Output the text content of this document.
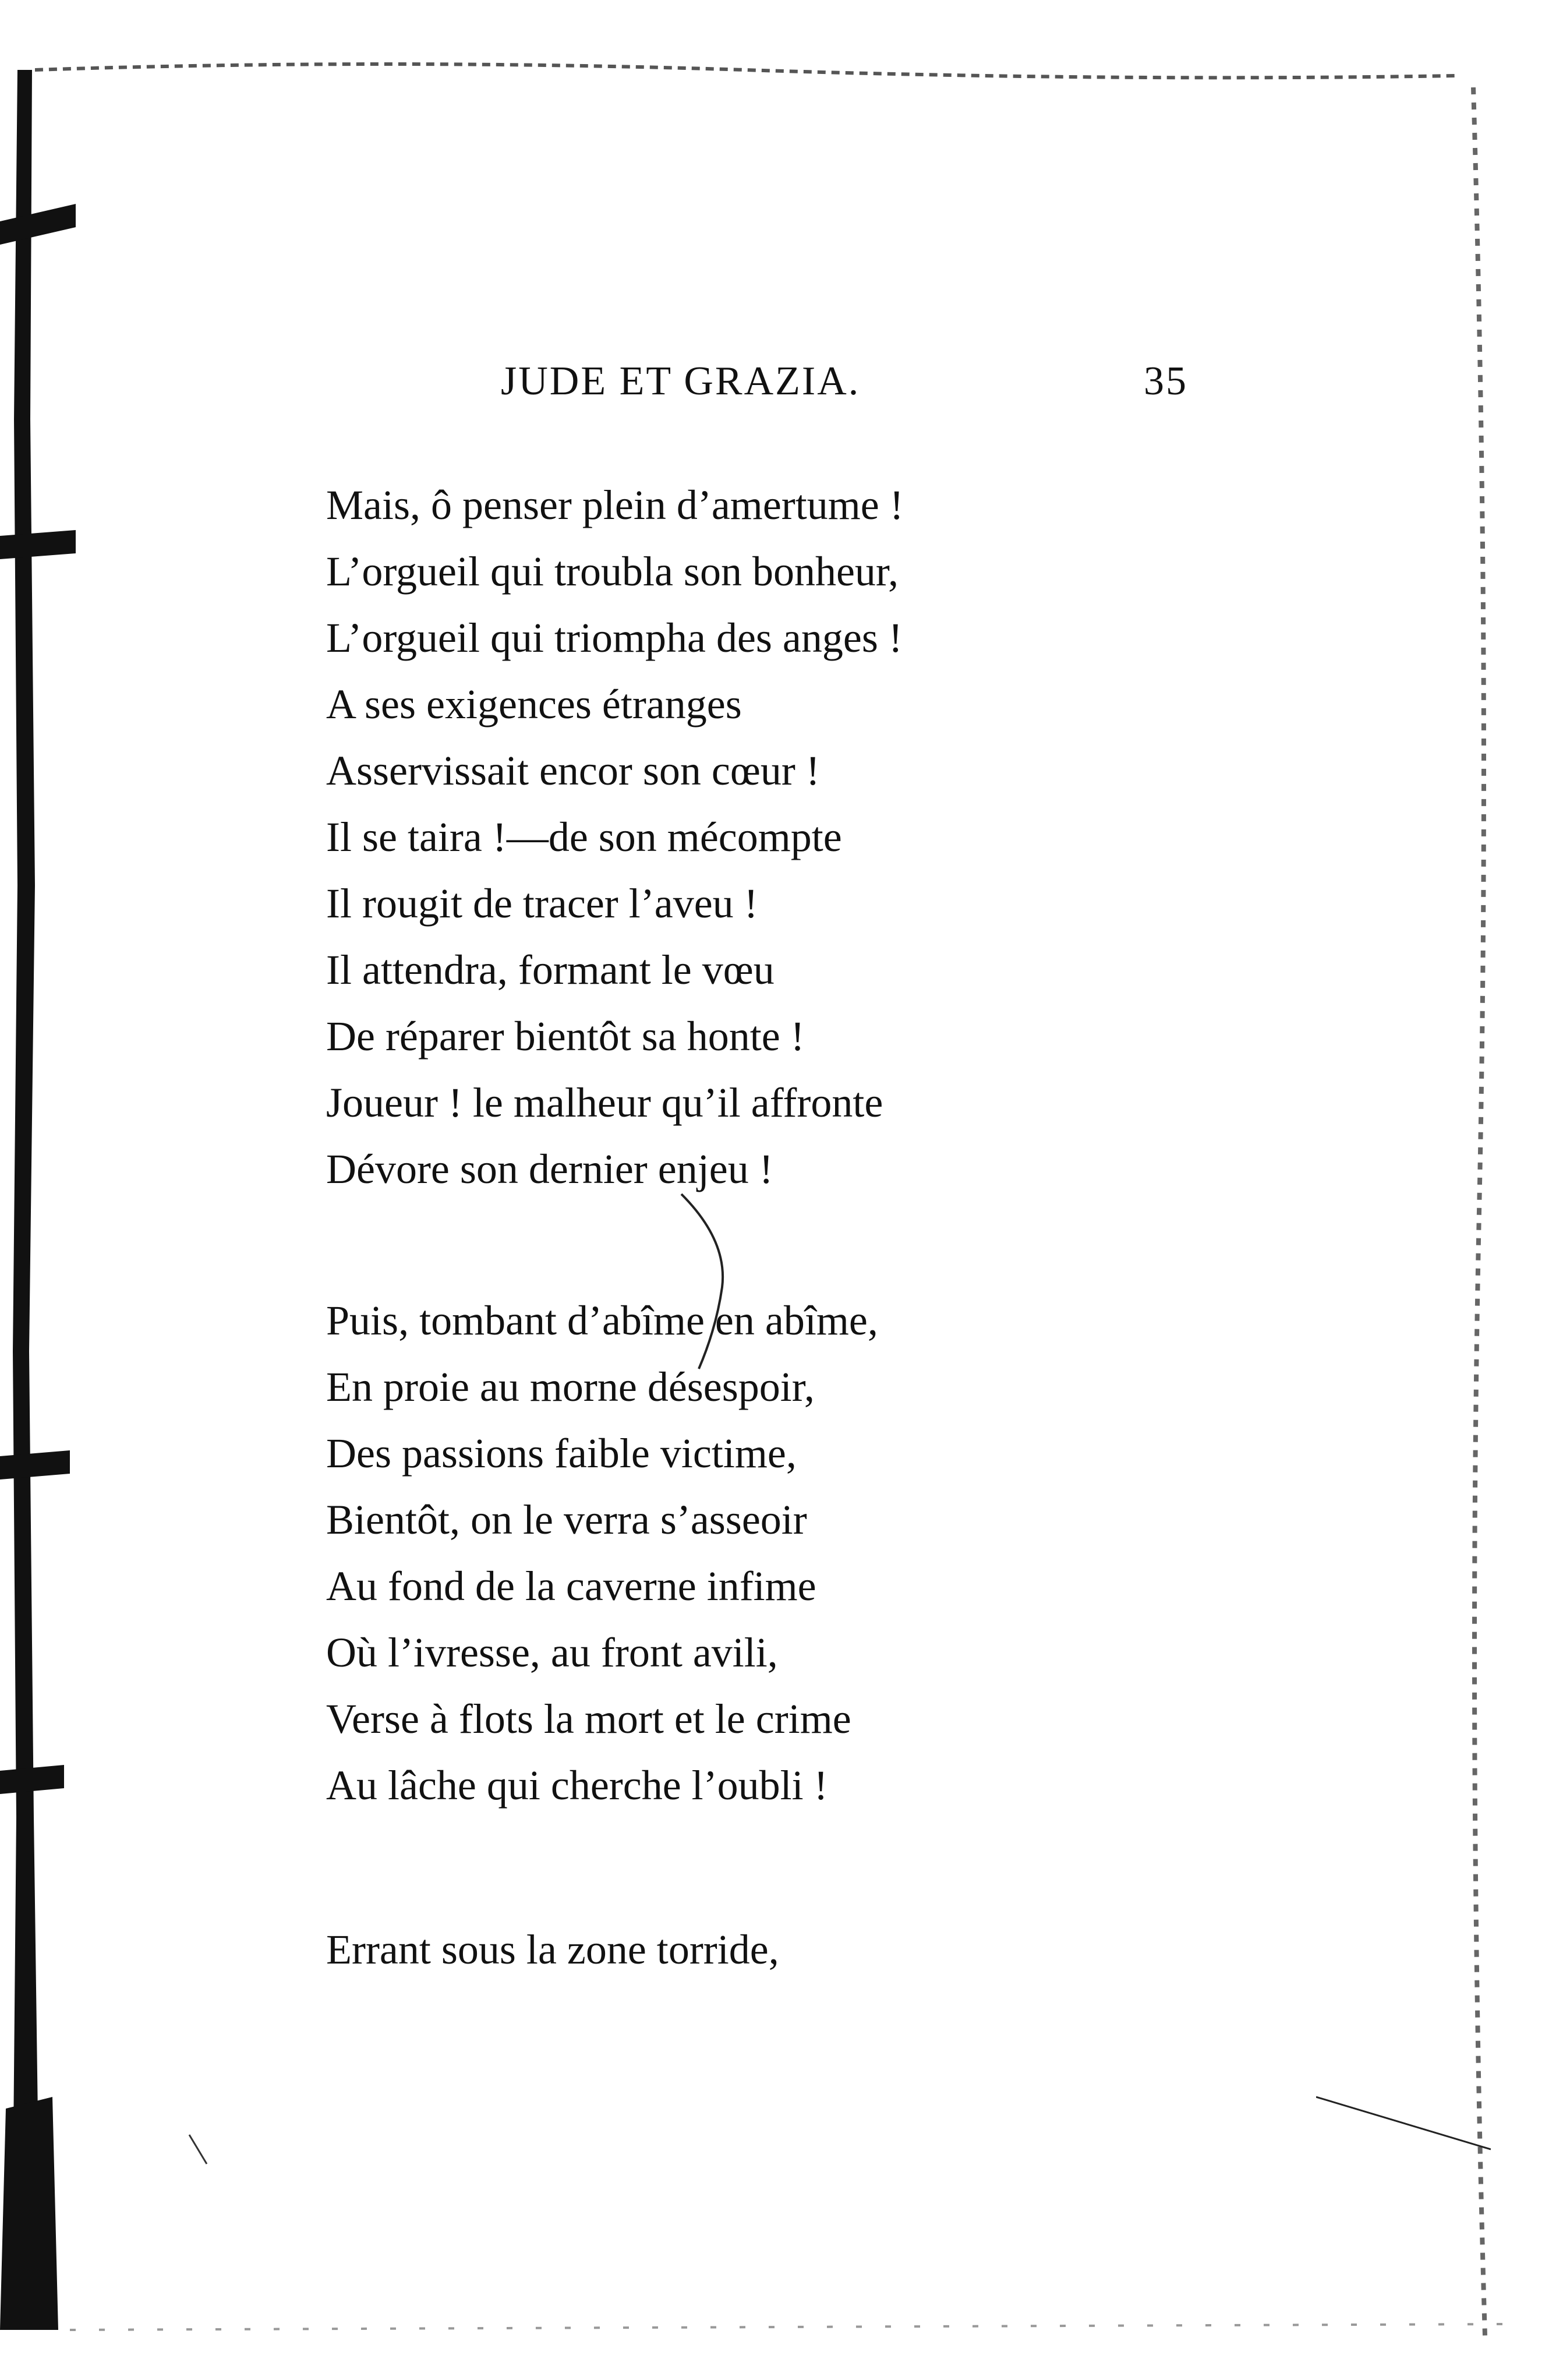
JUDE ET GRAZIA.	35
Mais, ô penser plein d’amertume !
L’orgueil qui troubla son bonheur,
L’orgueil qui triompha des anges !
A ses exigences étranges
Asservissait encor son cœur !
Il se taira !—de son mécompte
Il rougit de tracer l’aveu !
Il attendra, formant le vœu
De réparer bientôt sa honte !
Joueur ! le malheur qu’il affronte
Dévore son dernier enjeu !
Puis, tombant d’abîme en abîme,
En proie au morne désespoir,
Des passions faible victime,
Bientôt, on le verra s’asseoir
Au fond de la caverne infime
Où l’ivresse, au front avili,
Verse à flots la mort et le crime
Au lâche qui cherche l’oubli !
Errant sous la zone torride,
